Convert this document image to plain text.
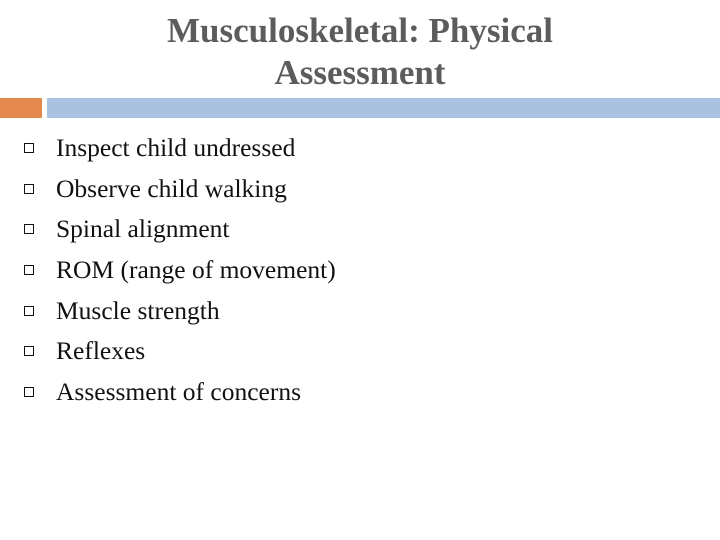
Musculoskeletal: Physical
Assessment
Inspect child undressed
Observe child walking
Spinal alignment
ROM (range of movement)
Muscle strength
Reflexes
Assessment of concerns
